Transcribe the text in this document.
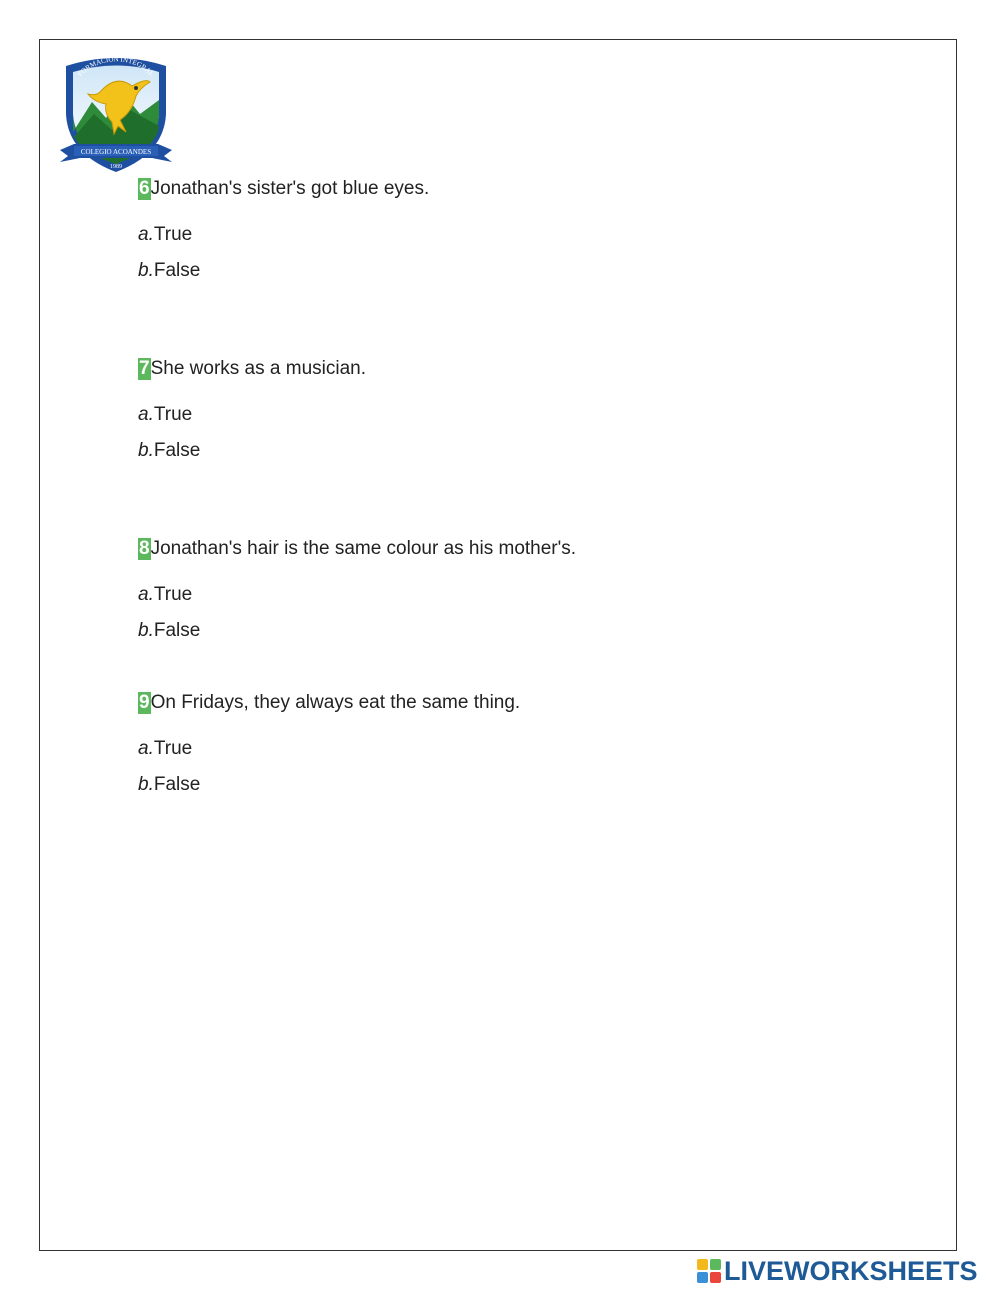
FORMACIÓN INTEGRAL
COLEGIO ACOANDES
1989
6Jonathan's sister's got blue eyes.
a.True
b.False
7She works as a musician.
a.True
b.False
8Jonathan's hair is the same colour as his mother's.
a.True
b.False
9On Fridays, they always eat the same thing.
a.True
b.False
LIVEWORKSHEETS
